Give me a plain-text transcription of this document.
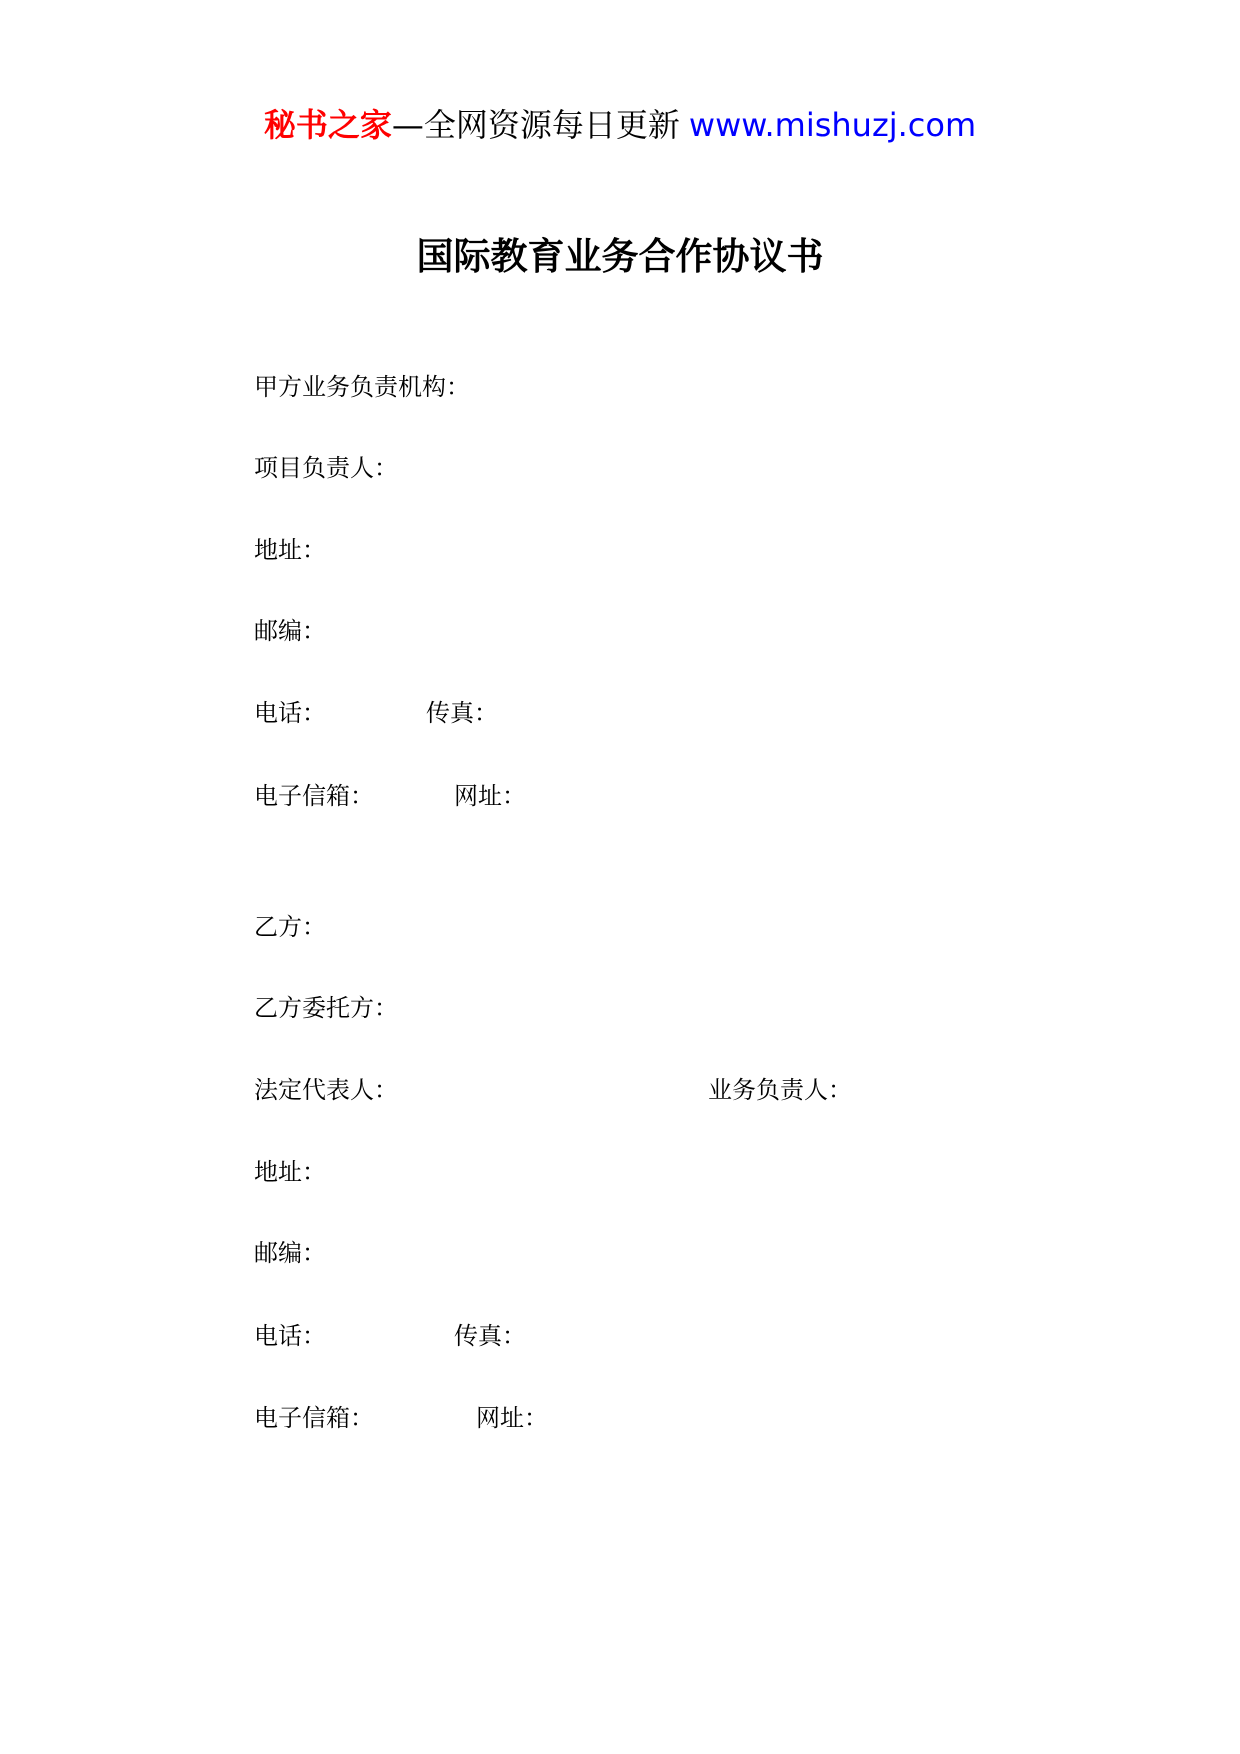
秘书之家—全网资源每日更新 www.mishuzj.com
国际教育业务合作协议书
甲方业务负责机构：
项目负责人：
地址：
邮编：
电话：	传真：
电子信箱：	网址：
乙方：
乙方委托方：
法定代表人：	业务负责人：
地址：
邮编：
电话：	传真：
电子信箱：	网址：
